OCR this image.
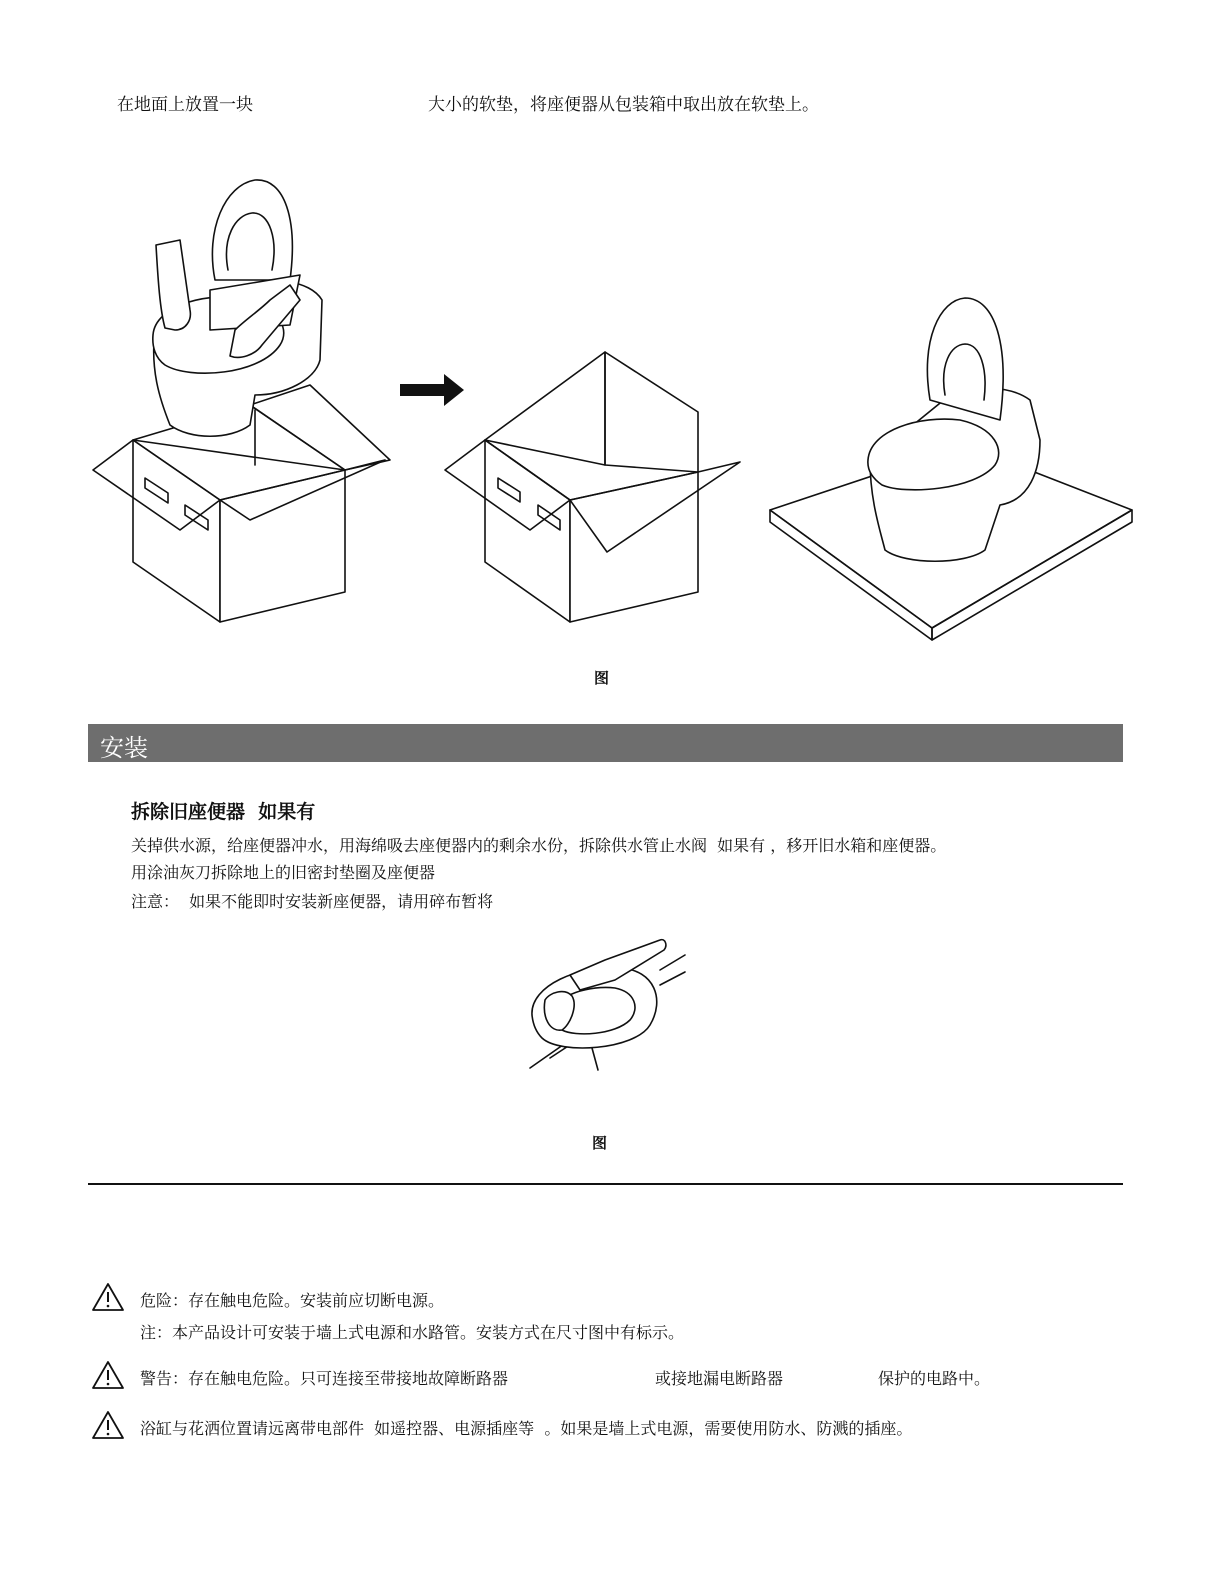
在地面上放置一块	大小的软垫，将座便器从包装箱中取出放在软垫上。
图
安装
拆除旧座便器  如果有
关掉供水源，给座便器冲水，用海绵吸去座便器内的剩余水份，拆除供水管止水阀  如果有 ，移开旧水箱和座便器。
用涂油灰刀拆除地上的旧密封垫圈及座便器
注意：  如果不能即时安装新座便器，请用碎布暂将
图
危险：存在触电危险。安装前应切断电源。
注：本产品设计可安装于墙上式电源和水路管。安装方式在尺寸图中有标示。
警告：存在触电危险。只可连接至带接地故障断路器	或接地漏电断路器	保护的电路中。
浴缸与花洒位置请远离带电部件  如遥控器、电源插座等  。如果是墙上式电源，需要使用防水、防溅的插座。
